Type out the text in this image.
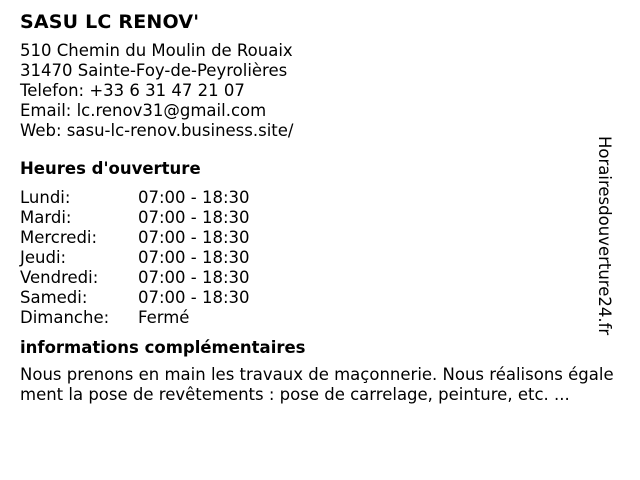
SASU LC RENOV'
510 Chemin du Moulin de Rouaix
31470 Sainte-Foy-de-Peyrolières
Telefon: +33 6 31 47 21 07
Email: lc.renov31@gmail.com
Web: sasu-lc-renov.business.site/
Heures d'ouverture
Lundi:	07:00 - 18:30
Mardi:	07:00 - 18:30
Mercredi:	07:00 - 18:30
Jeudi:	07:00 - 18:30
Vendredi:	07:00 - 18:30
Samedi:	07:00 - 18:30
Dimanche:	Fermé
informations complémentaires
Nous prenons en main les travaux de maçonnerie. Nous réalisons également la pose de revêtements : pose de carrelage, peinture, etc. ...
Horairesdouverture24.fr
